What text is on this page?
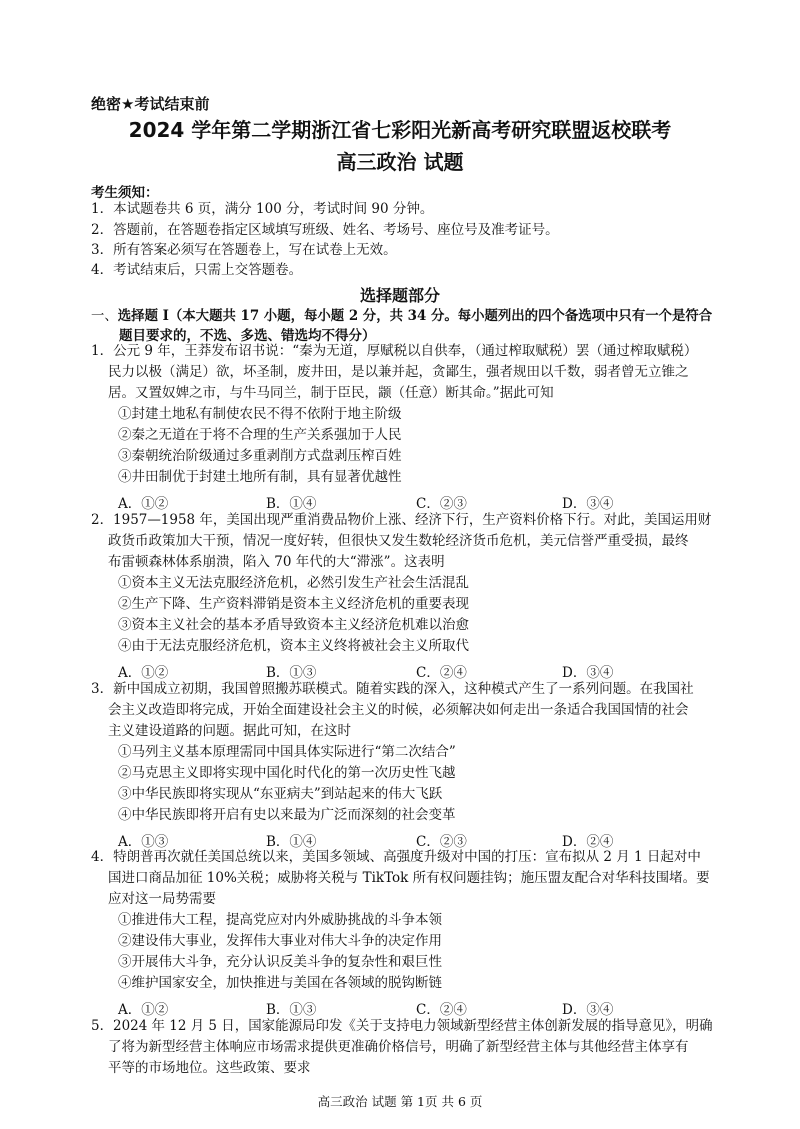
绝密★考试结束前
2024 学年第二学期浙江省七彩阳光新高考研究联盟返校联考
高三政治 试题
考生须知：
1．本试题卷共 6 页，满分 100 分，考试时间 90 分钟。
2．答题前，在答题卷指定区域填写班级、姓名、考场号、座位号及准考证号。
3．所有答案必须写在答题卷上，写在试卷上无效。
4．考试结束后，只需上交答题卷。
选择题部分
一、选择题 I（本大题共 17 小题，每小题 2 分，共 34 分。每小题列出的四个备选项中只有一个是符合
题目要求的，不选、多选、错选均不得分）
1．公元 9 年，王莽发布诏书说：“秦为无道，厚赋税以自供奉，（通过榨取赋税）罢（通过榨取赋税）
民力以极（满足）欲，坏圣制，废井田，是以兼并起，贪鄙生，强者规田以千数，弱者曾无立锥之
居。又置奴婢之市，与牛马同兰，制于臣民，颛（任意）断其命。”据此可知
①封建土地私有制使农民不得不依附于地主阶级
②秦之无道在于将不合理的生产关系强加于人民
③秦朝统治阶级通过多重剥削方式盘剥压榨百姓
④井田制优于封建土地所有制，具有显著优越性
A．①②	B．①④	C．②③	D．③④
2．1957—1958 年，美国出现严重消费品物价上涨、经济下行，生产资料价格下行。对此，美国运用财
政货币政策加大干预，情况一度好转，但很快又发生数轮经济货币危机，美元信誉严重受损，最终
布雷顿森林体系崩溃，陷入 70 年代的大“滞涨”。这表明
①资本主义无法克服经济危机，必然引发生产社会生活混乱
②生产下降、生产资料滞销是资本主义经济危机的重要表现
③资本主义社会的基本矛盾导致资本主义经济危机难以治愈
④由于无法克服经济危机，资本主义终将被社会主义所取代
A．①②	B．①③	C．②④	D．③④
3．新中国成立初期，我国曾照搬苏联模式。随着实践的深入，这种模式产生了一系列问题。在我国社
会主义改造即将完成，开始全面建设社会主义的时候，必须解决如何走出一条适合我国国情的社会
主义建设道路的问题。据此可知，在这时
①马列主义基本原理需同中国具体实际进行“第二次结合”
②马克思主义即将实现中国化时代化的第一次历史性飞越
③中华民族即将实现从“东亚病夫”到站起来的伟大飞跃
④中华民族即将开启有史以来最为广泛而深刻的社会变革
A．①③	B．①④	C．②③	D．②④
4．特朗普再次就任美国总统以来，美国多领域、高强度升级对中国的打压：宣布拟从 2 月 1 日起对中
国进口商品加征 10%关税；威胁将关税与 TikTok 所有权问题挂钩；施压盟友配合对华科技围堵。要
应对这一局势需要
①推进伟大工程，提高党应对内外威胁挑战的斗争本领
②建设伟大事业，发挥伟大事业对伟大斗争的决定作用
③开展伟大斗争，充分认识反美斗争的复杂性和艰巨性
④维护国家安全，加快推进与美国在各领域的脱钩断链
A．①②	B．①③	C．②④	D．③④
5．2024 年 12 月 5 日，国家能源局印发《关于支持电力领域新型经营主体创新发展的指导意见》，明确
了将为新型经营主体响应市场需求提供更准确价格信号，明确了新型经营主体与其他经营主体享有
平等的市场地位。这些政策、要求
高三政治 试题 第 1页 共 6 页
